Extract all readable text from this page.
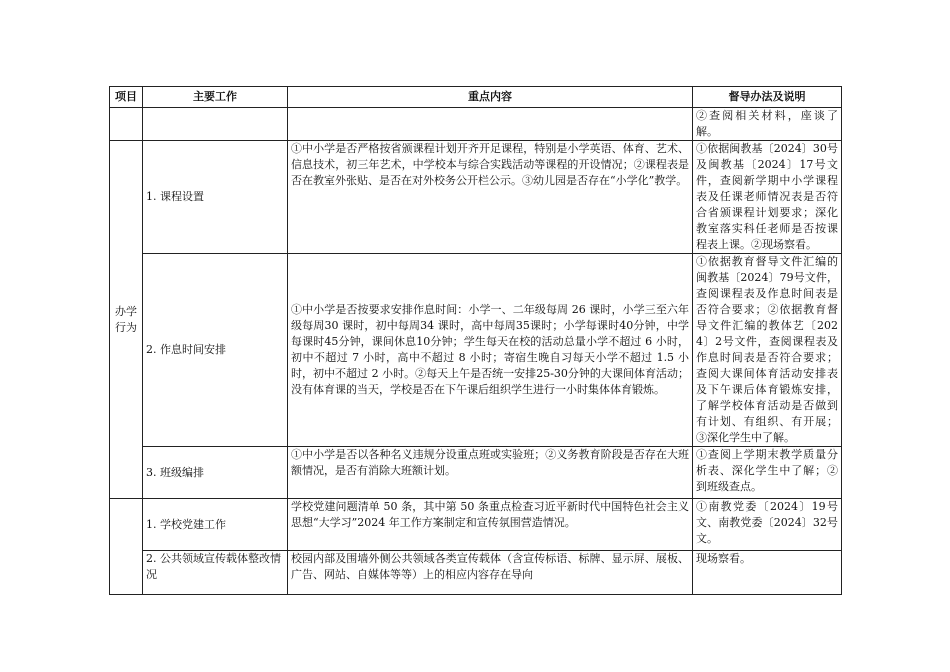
项目	主要工作	重点内容	督导办法及说明
			②查阅相关材料，座谈了解。
办学行为	1. 课程设置	①中小学是否严格按省颁课程计划开齐开足课程，特别是小学英语、体育、艺术、信息技术，初三年艺术，中学校本与综合实践活动等课程的开设情况；②课程表是否在教室外张贴、是否在对外校务公开栏公示。③幼儿园是否存在“小学化”教学。	①依据闽教基〔2024〕30号及闽教基〔2024〕17号文件，查阅新学期中小学课程表及任课老师情况表是否符合省颁课程计划要求；深化教室落实科任老师是否按课程表上课。②现场察看。
	2. 作息时间安排	①中小学是否按要求安排作息时间：小学一、二年级每周 26 课时，小学三至六年级每周30 课时，初中每周34 课时，高中每周35课时；小学每课时40分钟，中学每课时45分钟，课间休息10分钟；学生每天在校的活动总量小学不超过 6 小时，初中不超过 7 小时，高中不超过 8 小时；寄宿生晚自习每天小学不超过 1.5 小时，初中不超过 2 小时。②每天上午是否统一安排25-30分钟的大课间体育活动；没有体育课的当天，学校是否在下午课后组织学生进行一小时集体体育锻炼。	①依据教育督导文件汇编的闽教基〔2024〕79号文件，查阅课程表及作息时间表是否符合要求；②依据教育督导文件汇编的教体艺〔2024〕2号文件，查阅课程表及作息时间表是否符合要求；查阅大课间体育活动安排表及下午课后体育锻炼安排，了解学校体育活动是否做到有计划、有组织、有开展；③深化学生中了解。
	3. 班级编排	①中小学是否以各种名义违规分设重点班或实验班；②义务教育阶段是否存在大班额情况，是否有消除大班额计划。	①查阅上学期末教学质量分析表、深化学生中了解；②到班级查点。
	1. 学校党建工作	学校党建问题清单 50 条，其中第 50 条重点检查习近平新时代中国特色社会主义思想“大学习”2024 年工作方案制定和宣传氛围营造情况。	①南教党委〔2024〕19号文、南教党委〔2024〕32号文。
	2. 公共领域宣传载体整改情况	校园内部及围墙外侧公共领域各类宣传载体（含宣传标语、标牌、显示屏、展板、广告、网站、自媒体等等）上的相应内容存在导向	现场察看。
